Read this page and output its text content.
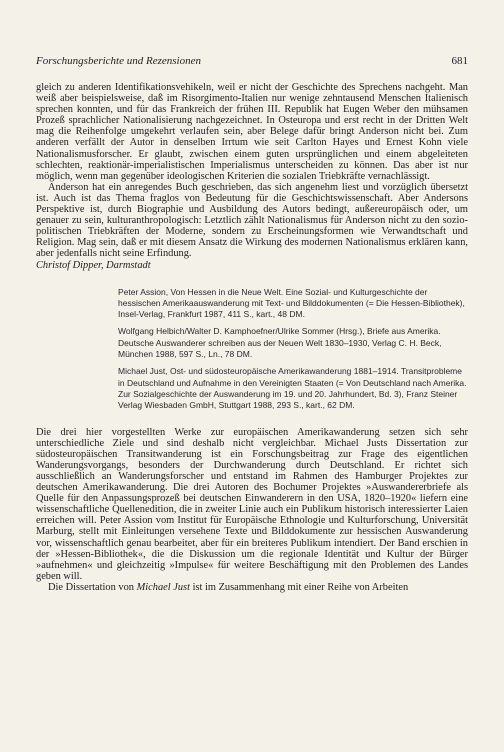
Forschungsberichte und Rezensionen	681

gleich zu anderen Identifikationsvehikeln, weil er nicht der Geschichte des Sprechens nachgeht. Man weiß aber beispielsweise, daß im Risorgimento-Italien nur wenige zehntausend Menschen Italienisch sprechen konnten, und für das Frankreich der frühen III. Republik hat Eugen Weber den mühsamen Prozeß sprachlicher Nationalisierung nachgezeichnet. In Osteuropa und erst recht in der Dritten Welt mag die Reihenfolge umgekehrt verlaufen sein, aber Belege dafür bringt Anderson nicht bei. Zum anderen verfällt der Autor in denselben Irrtum wie seit Carlton Hayes und Ernest Kohn viele Nationalismusforscher. Er glaubt, zwischen einem guten ursprünglichen und einem abgeleiteten schlechten, reaktionär-imperialistischen Imperialismus unterscheiden zu können. Das aber ist nur möglich, wenn man gegenüber ideologischen Kriterien die sozialen Triebkräfte vernachlässigt.

Anderson hat ein anregendes Buch geschrieben, das sich angenehm liest und vorzüglich übersetzt ist. Auch ist das Thema fraglos von Bedeutung für die Geschichtswissenschaft. Aber Andersons Perspektive ist, durch Biographie und Ausbildung des Autors bedingt, außereuropäisch oder, um genauer zu sein, kulturanthropologisch: Letztlich zählt Nationalismus für Anderson nicht zu den sozio-politischen Triebkräften der Moderne, sondern zu Erscheinungsformen wie Verwandtschaft und Religion. Mag sein, daß er mit diesem Ansatz die Wirkung des modernen Nationalismus erklären kann, aber jedenfalls nicht seine Erfindung.

Christof Dipper, Darmstadt

Peter Assion, Von Hessen in die Neue Welt. Eine Sozial- und Kulturgeschichte der hessischen Amerikaauswanderung mit Text- und Bilddokumenten (= Die Hessen-Bibliothek), Insel-Verlag, Frankfurt 1987, 411 S., kart., 48 DM.

Wolfgang Helbich/Walter D. Kamphoefner/Ulrike Sommer (Hrsg.), Briefe aus Amerika. Deutsche Auswanderer schreiben aus der Neuen Welt 1830–1930, Verlag C. H. Beck, München 1988, 597 S., Ln., 78 DM.

Michael Just, Ost- und südosteuropäische Amerikawanderung 1881–1914. Transitprobleme in Deutschland und Aufnahme in den Vereinigten Staaten (= Von Deutschland nach Amerika. Zur Sozialgeschichte der Auswanderung im 19. und 20. Jahrhundert, Bd. 3), Franz Steiner Verlag Wiesbaden GmbH, Stuttgart 1988, 293 S., kart., 62 DM.

Die drei hier vorgestellten Werke zur europäischen Amerikawanderung setzen sich sehr unterschiedliche Ziele und sind deshalb nicht vergleichbar. Michael Justs Dissertation zur südosteuropäischen Transitwanderung ist ein Forschungsbeitrag zur Frage des eigentlichen Wanderungsvorgangs, besonders der Durchwanderung durch Deutschland. Er richtet sich ausschließlich an Wanderungsforscher und entstand im Rahmen des Hamburger Projektes zur deutschen Amerikawanderung. Die drei Autoren des Bochumer Projektes »Auswandererbriefe als Quelle für den Anpassungsprozeß bei deutschen Einwanderern in den USA, 1820–1920« liefern eine wissenschaftliche Quellenedition, die in zweiter Linie auch ein Publikum historisch interessierter Laien erreichen will. Peter Assion vom Institut für Europäische Ethnologie und Kulturforschung, Universität Marburg, stellt mit Einleitungen versehene Texte und Bilddokumente zur hessischen Auswanderung vor, wissenschaftlich genau bearbeitet, aber für ein breiteres Publikum intendiert. Der Band erschien in der »Hessen-Bibliothek«, die die Diskussion um die regionale Identität und Kultur der Bürger »aufnehmen« und gleichzeitig »Impulse« für weitere Beschäftigung mit den Problemen des Landes geben will.

Die Dissertation von Michael Just ist im Zusammenhang mit einer Reihe von Arbeiten
